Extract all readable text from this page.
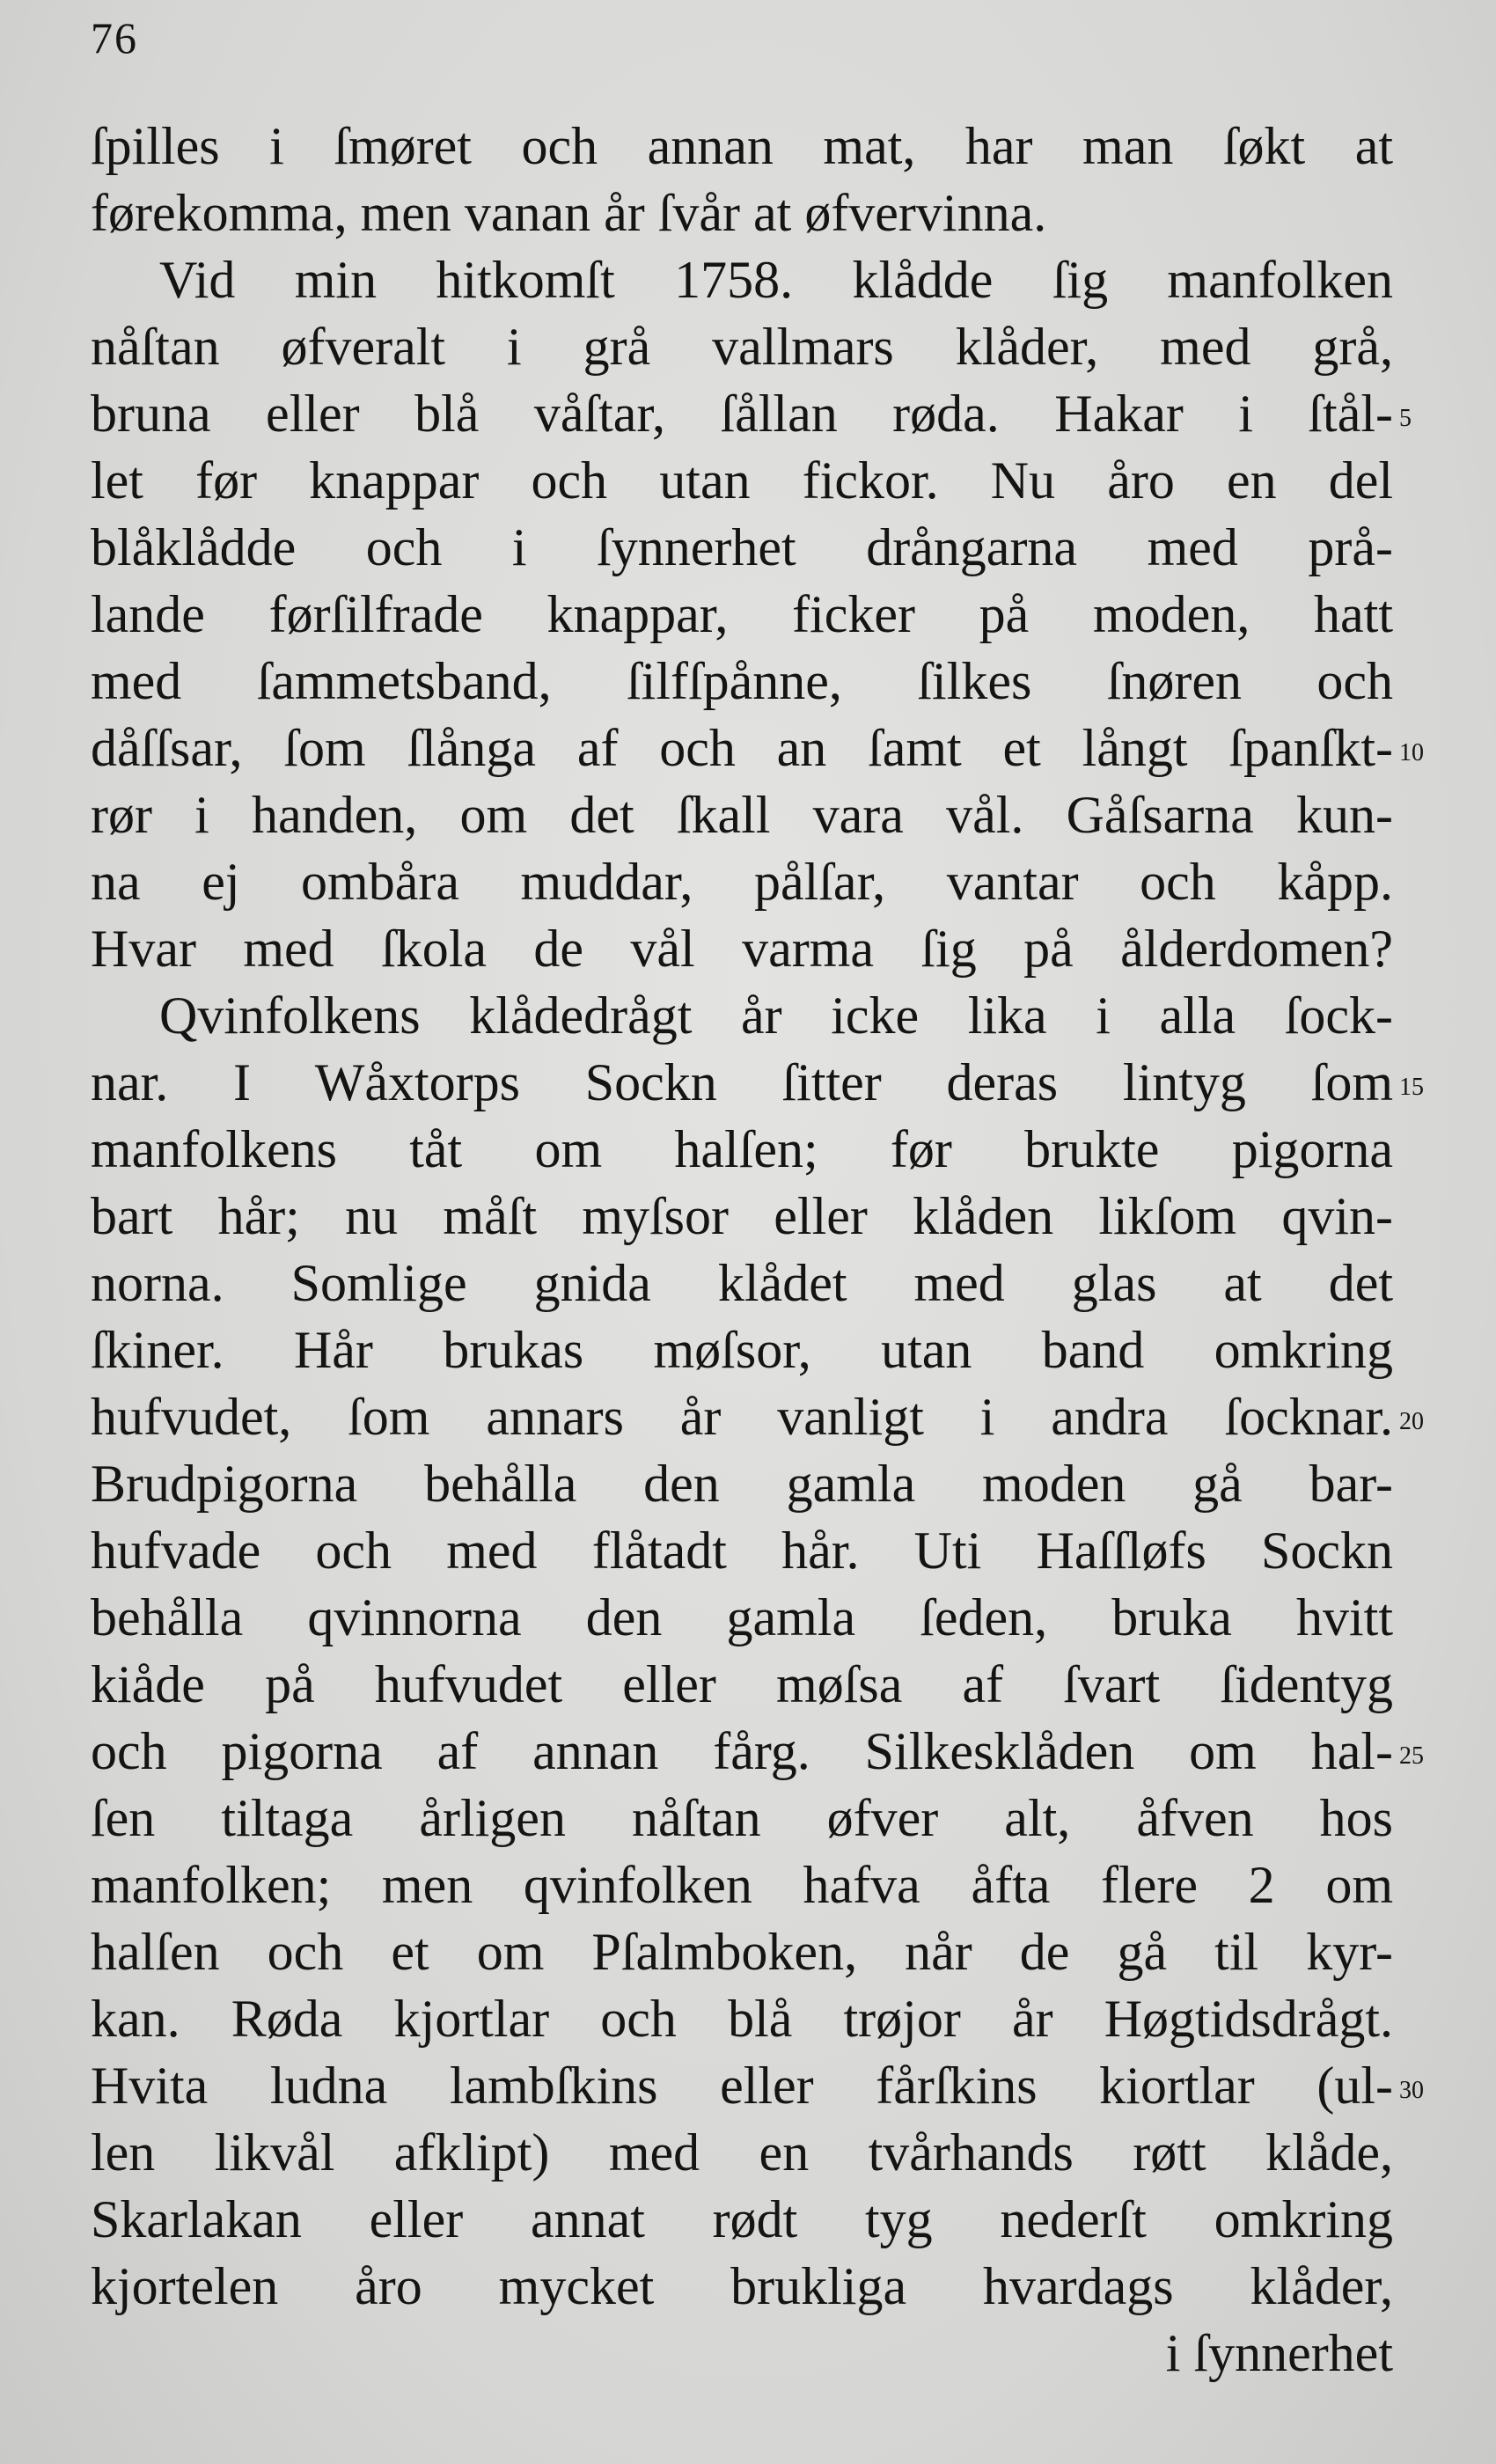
76
ſpilles i ſmøret och annan mat, har man ſøkt at
førekomma, men vanan år ſvår at øfvervinna.
Vid min hitkomſt 1758. klådde ſig manfolken
nåſtan øfveralt i grå vallmars klåder, med grå,
bruna eller blå våſtar, ſållan røda. Hakar i ſtål-
let før knappar och utan fickor. Nu åro en del
blåklådde och i ſynnerhet drångarna med prå-
lande førſilfrade knappar, ficker på moden, hatt
med ſammetsband, ſilfſpånne, ſilkes ſnøren och
dåſſsar, ſom ſlånga af och an ſamt et långt ſpanſkt-
rør i handen, om det ſkall vara vål. Gåſsarna kun-
na ej ombåra muddar, pålſar, vantar och kåpp.
Hvar med ſkola de vål varma ſig på ålderdomen?
Qvinfolkens klådedrågt år icke lika i alla ſock-
nar. I Wåxtorps Sockn ſitter deras lintyg ſom
manfolkens tåt om halſen; før brukte pigorna
bart hår; nu måſt myſsor eller klåden likſom qvin-
norna. Somlige gnida klådet med glas at det
ſkiner. Hår brukas møſsor, utan band omkring
hufvudet, ſom annars år vanligt i andra ſocknar.
Brudpigorna behålla den gamla moden gå bar-
hufvade och med flåtadt hår. Uti Haſſløfs Sockn
behålla qvinnorna den gamla ſeden, bruka hvitt
kiåde på hufvudet eller møſsa af ſvart ſidentyg
och pigorna af annan fårg. Silkesklåden om hal-
ſen tiltaga årligen nåſtan øfver alt, åfven hos
manfolken; men qvinfolken hafva åfta flere 2 om
halſen och et om Pſalmboken, når de gå til kyr-
kan. Røda kjortlar och blå trøjor år Høgtidsdrågt.
Hvita ludna lambſkins eller fårſkins kiortlar (ul-
len likvål afklipt) med en tvårhands røtt klåde,
Skarlakan eller annat rødt tyg nederſt omkring
kjortelen åro mycket brukliga hvardags klåder,
i ſynnerhet
5
10
15
20
25
30
